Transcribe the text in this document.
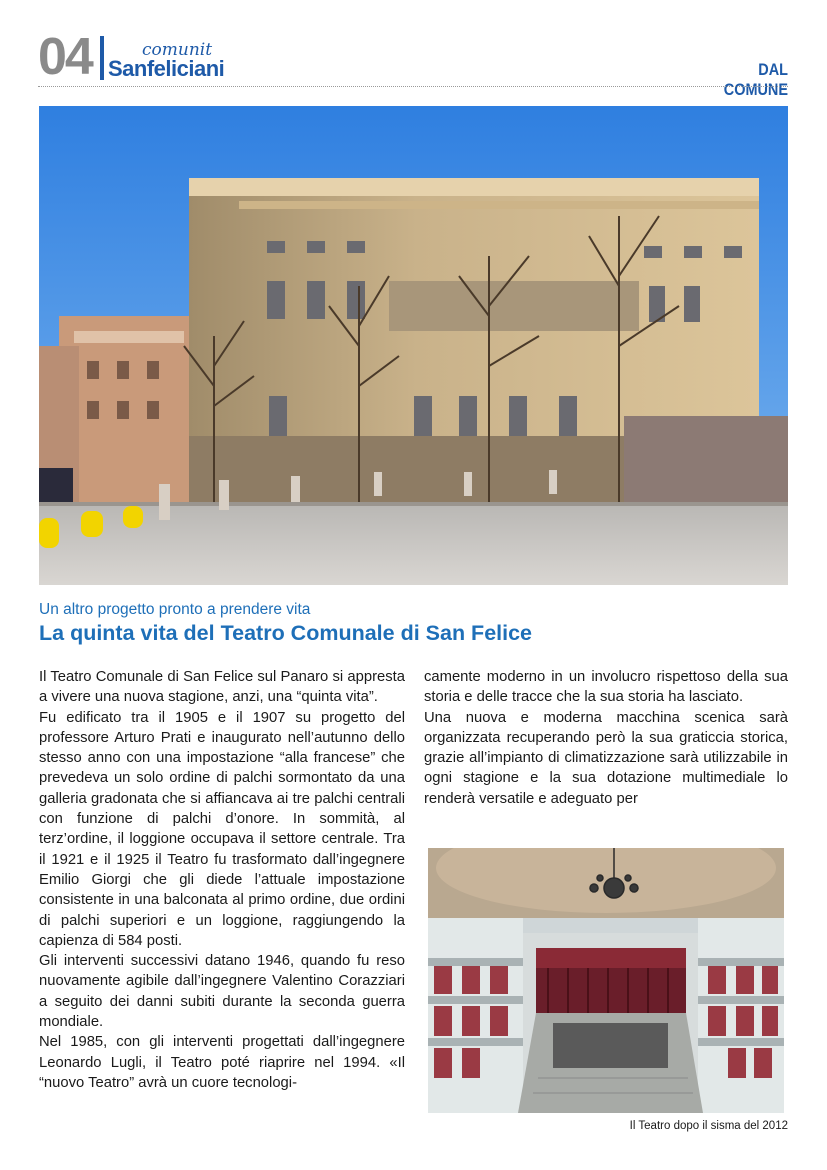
04	comunit
Sanfeliciani	DAL COMUNE
Un altro progetto pronto a prendere vita
La quinta vita del Teatro Comunale di San Felice

Il Teatro Comunale di San Felice sul Panaro si appresta a vivere una nuova stagione, anzi, una “quinta vita”.

Fu edificato tra il 1905 e il 1907 su progetto del professore Arturo Prati e inaugurato nell’autunno dello stesso anno con una impostazione “alla francese” che prevedeva un solo ordine di palchi sormontato da una galleria gradonata che si affiancava ai tre palchi centrali con funzione di palchi d’onore. In sommità, al terz’ordine, il loggione occupava il settore centrale. Tra il 1921 e il 1925 il Teatro fu trasformato dall’ingegnere Emilio Giorgi che gli diede l’attuale impostazione consistente in una balconata al primo ordine, due ordini di palchi superiori e un loggione, raggiungendo la capienza di 584 posti.

Gli interventi successivi datano 1946, quando fu reso nuovamente agibile dall’ingegnere Valentino Corazziari a seguito dei danni subiti durante la seconda guerra mondiale.

Nel 1985, con gli interventi progettati dall’ingegnere Leonardo Lugli, il Teatro poté riaprire nel 1994. «Il “nuovo Teatro” avrà un cuore tecnologi-

camente moderno in un involucro rispettoso della sua storia e delle tracce che la sua storia ha lasciato.

Una nuova e moderna macchina scenica sarà organizzata recuperando però la sua graticcia storica, grazie all’impianto di climatizzazione sarà utilizzabile in ogni stagione e la sua dotazione multimediale lo renderà versatile e adeguato per

Il Teatro dopo il sisma del 2012
